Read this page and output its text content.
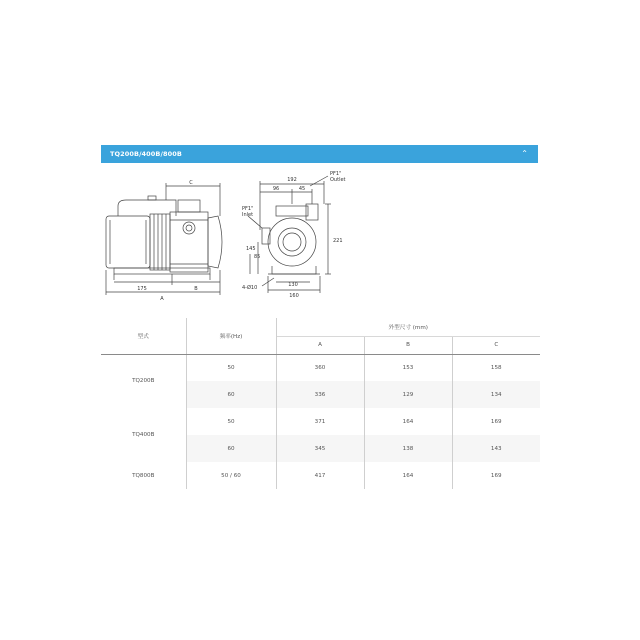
TQ200B/400B/800B	⌃
C
175	B
A
192
96	45
221
145
85
130
160
4-Ø10
PF1"
Inlet
PF1"
Outlet
型式	频率(Hz)	外型尺寸 (mm)		
		A	B	C
TQ200B	50	360	153	158
	60	336	129	134
TQ400B	50	371	164	169
	60	345	138	143
TQ800B	50 / 60	417	164	169
